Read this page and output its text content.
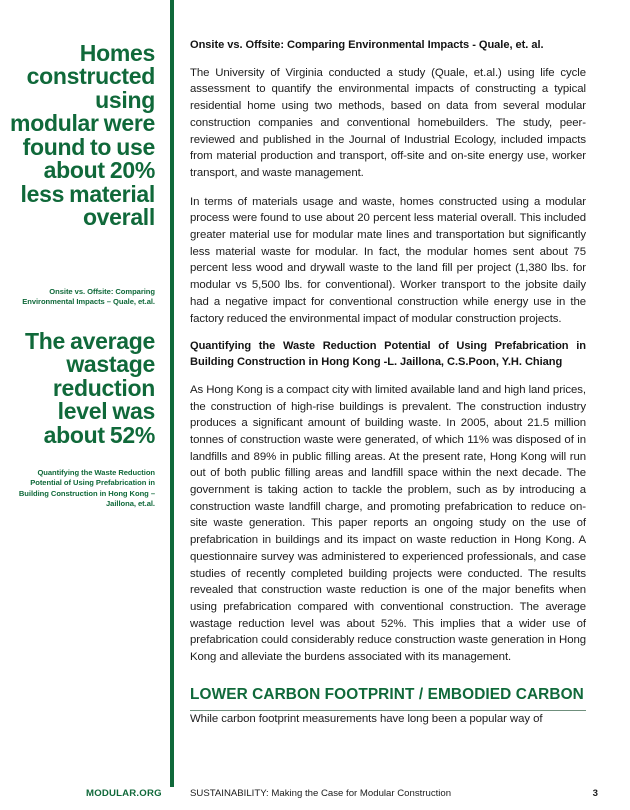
Homes constructed using modular were found to use about 20% less material overall
Onsite vs. Offsite: Comparing Environmental Impacts – Quale, et.al.
The average wastage reduction level was about 52%
Quantifying the Waste Reduction Potential of Using Prefabrication in Building Construction in Hong Kong – Jaillona, et.al.
Onsite vs. Offsite: Comparing Environmental Impacts - Quale, et. al.

The University of Virginia conducted a study (Quale, et.al.) using life cycle assessment to quantify the environmental impacts of constructing a typical residential home using two methods, based on data from several modular construction companies and conventional homebuilders. The study, peer-reviewed and published in the Journal of Industrial Ecology, included impacts from material production and transport, off-site and on-site energy use, worker transport, and waste management.

In terms of materials usage and waste, homes constructed using a modular process were found to use about 20 percent less material overall. This included greater material use for modular mate lines and transportation but significantly less material waste for modular. In fact, the modular homes sent about 75 percent less wood and drywall waste to the land fill per project (1,380 lbs. for modular vs 5,500 lbs. for conventional). Worker transport to the jobsite daily had a negative impact for conventional construction while energy use in the factory reduced the environmental impact of modular construction projects.

Quantifying the Waste Reduction Potential of Using Prefabrication in Building Construction in Hong Kong -L. Jaillona, C.S.Poon, Y.H. Chiang

As Hong Kong is a compact city with limited available land and high land prices, the construction of high-rise buildings is prevalent. The construction industry produces a significant amount of building waste. In 2005, about 21.5 million tonnes of construction waste were generated, of which 11% was disposed of in landfills and 89% in public filling areas. At the present rate, Hong Kong will run out of both public filling areas and landfill space within the next decade. The government is taking action to tackle the problem, such as by introducing a construction waste landfill charge, and promoting prefabrication to reduce on-site waste generation. This paper reports an ongoing study on the use of prefabrication in buildings and its impact on waste reduction in Hong Kong. A questionnaire survey was administered to experienced professionals, and case studies of recently completed building projects were conducted. The results revealed that construction waste reduction is one of the major benefits when using prefabrication compared with conventional construction. The average wastage reduction level was about 52%. This implies that a wider use of prefabrication could considerably reduce construction waste generation in Hong Kong and alleviate the burdens associated with its management.

LOWER CARBON FOOTPRINT / EMBODIED CARBON

While carbon footprint measurements have long been a popular way of

MODULAR.ORG	SUSTAINABILITY: Making the Case for Modular Construction	3
